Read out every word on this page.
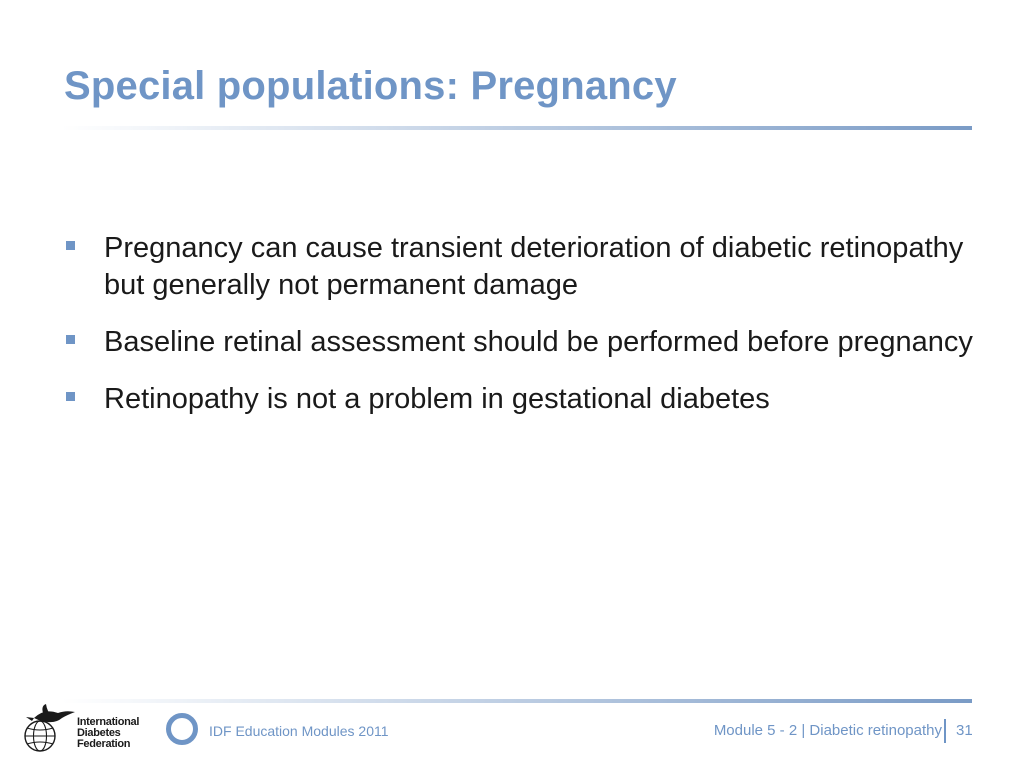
Special populations: Pregnancy
Pregnancy can cause transient deterioration of diabetic retinopathy but generally not permanent damage
Baseline retinal assessment should be performed before pregnancy
Retinopathy is not a problem in gestational diabetes
International
Diabetes
Federation
IDF Education Modules 2011	Module 5 - 2 | Diabetic retinopathy 31
